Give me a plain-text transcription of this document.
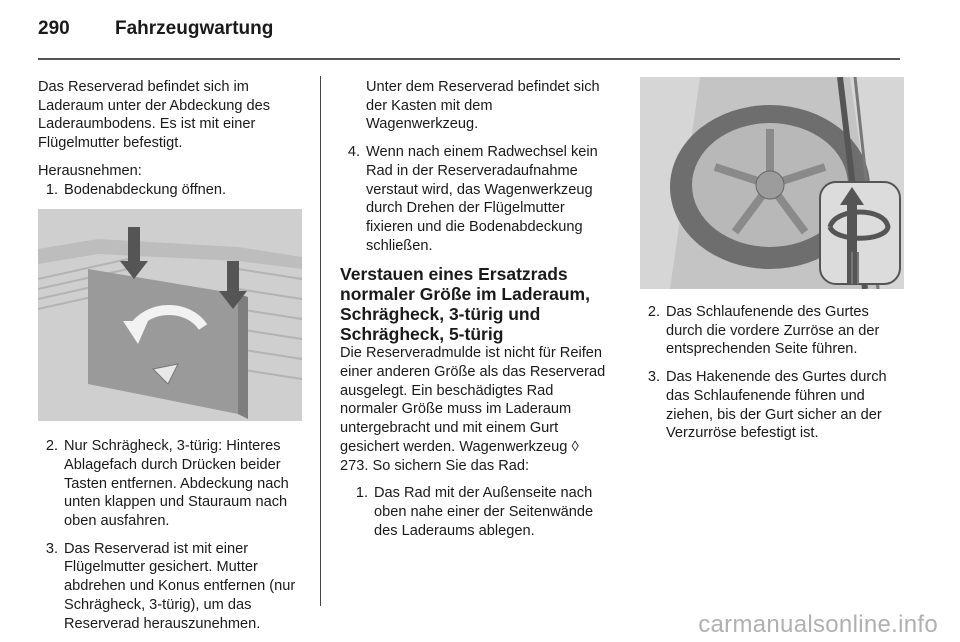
290 Fahrzeugwartung

Das Reserverad befindet sich im Laderaum unter der Abdeckung des Laderaumbodens. Es ist mit einer Flügelmutter befestigt.

Herausnehmen:

1. Bodenabdeckung öffnen.
2. Nur Schrägheck, 3-türig: Hinteres Ablagefach durch Drücken beider Tasten entfernen. Abdeckung nach unten klappen und Stauraum nach oben ausfahren.
3. Das Reserverad ist mit einer Flügelmutter gesichert. Mutter abdrehen und Konus entfernen (nur Schrägheck, 3-türig), um das Reserverad herauszunehmen.

Unter dem Reserverad befindet sich der Kasten mit dem Wagenwerkzeug.

4. Wenn nach einem Radwechsel kein Rad in der Reserveradaufnahme verstaut wird, das Wagenwerkzeug durch Drehen der Flügelmutter fixieren und die Bodenabdeckung schließen.

Verstauen eines Ersatzrads normaler Größe im Laderaum, Schrägheck, 3-türig und Schrägheck, 5-türig

Die Reserveradmulde ist nicht für Reifen einer anderen Größe als das Reserverad ausgelegt. Ein beschädigtes Rad normaler Größe muss im Laderaum untergebracht und mit einem Gurt gesichert werden. Wagenwerkzeug ◊ 273. So sichern Sie das Rad:

1. Das Rad mit der Außenseite nach oben nahe einer der Seitenwände des Laderaums ablegen.
2. Das Schlaufenende des Gurtes durch die vordere Zurröse an der entsprechenden Seite führen.
3. Das Hakenende des Gurtes durch das Schlaufenende führen und ziehen, bis der Gurt sicher an der Verzurröse befestigt ist.
carmanualsonline.info
